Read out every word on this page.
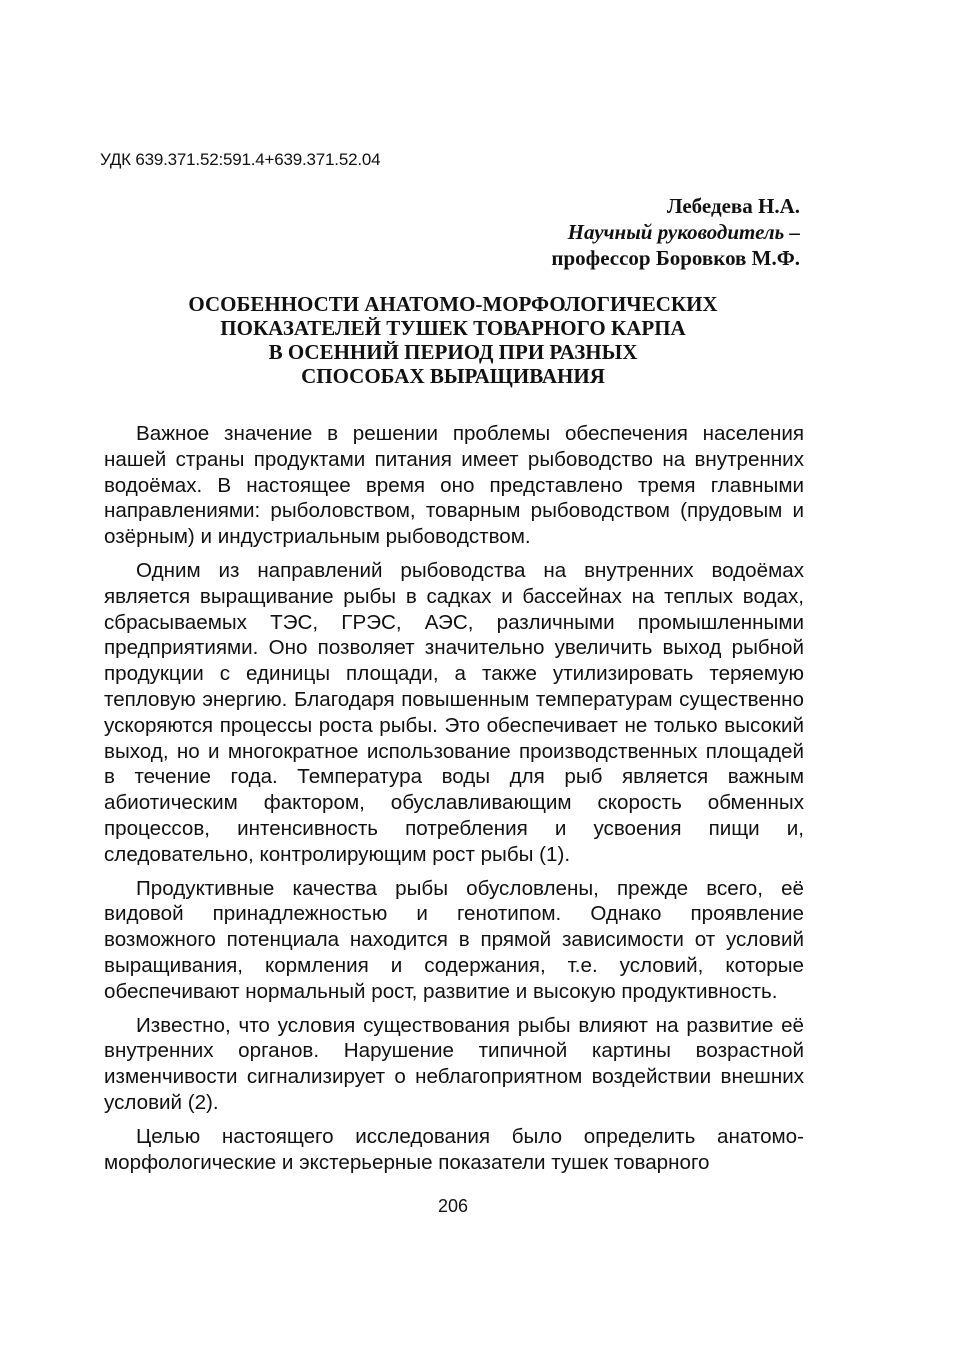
УДК 639.371.52:591.4+639.371.52.04
Лебедева Н.А.
Научный руководитель –
профессор Боровков М.Ф.
ОСОБЕННОСТИ АНАТОМО-МОРФОЛОГИЧЕСКИХ
ПОКАЗАТЕЛЕЙ ТУШЕК ТОВАРНОГО КАРПА
В ОСЕННИЙ ПЕРИОД ПРИ РАЗНЫХ
СПОСОБАХ ВЫРАЩИВАНИЯ

Важное значение в решении проблемы обеспечения населения нашей страны продуктами питания имеет рыбоводство на внутренних водоёмах. В настоящее время оно представлено тремя главными направлениями: рыболовством, товарным рыбоводством (прудовым и озёрным) и индустриальным рыбоводством.

Одним из направлений рыбоводства на внутренних водоёмах является выращивание рыбы в садках и бассейнах на теплых водах, сбрасываемых ТЭС, ГРЭС, АЭС, различными промышленными предприятиями. Оно позволяет значительно увеличить выход рыбной продукции с единицы площади, а также утилизировать теряемую тепловую энергию. Благодаря повышенным температурам существенно ускоряются процессы роста рыбы. Это обеспечивает не только высокий выход, но и многократное использование производственных площадей в течение года. Температура воды для рыб является важным абиотическим фактором, обуславливающим скорость обменных процессов, интенсивность потребления и усвоения пищи и, следовательно, контролирующим рост рыбы (1).

Продуктивные качества рыбы обусловлены, прежде всего, её видовой принадлежностью и генотипом. Однако проявление возможного потенциала находится в прямой зависимости от условий выращивания, кормления и содержания, т.е. условий, которые обеспечивают нормальный рост, развитие и высокую продуктивность.

Известно, что условия существования рыбы влияют на развитие её внутренних органов. Нарушение типичной картины возрастной изменчивости сигнализирует о неблагоприятном воздействии внешних условий (2).

Целью настоящего исследования было определить анатомо-морфологические и экстерьерные показатели тушек товарного

206
